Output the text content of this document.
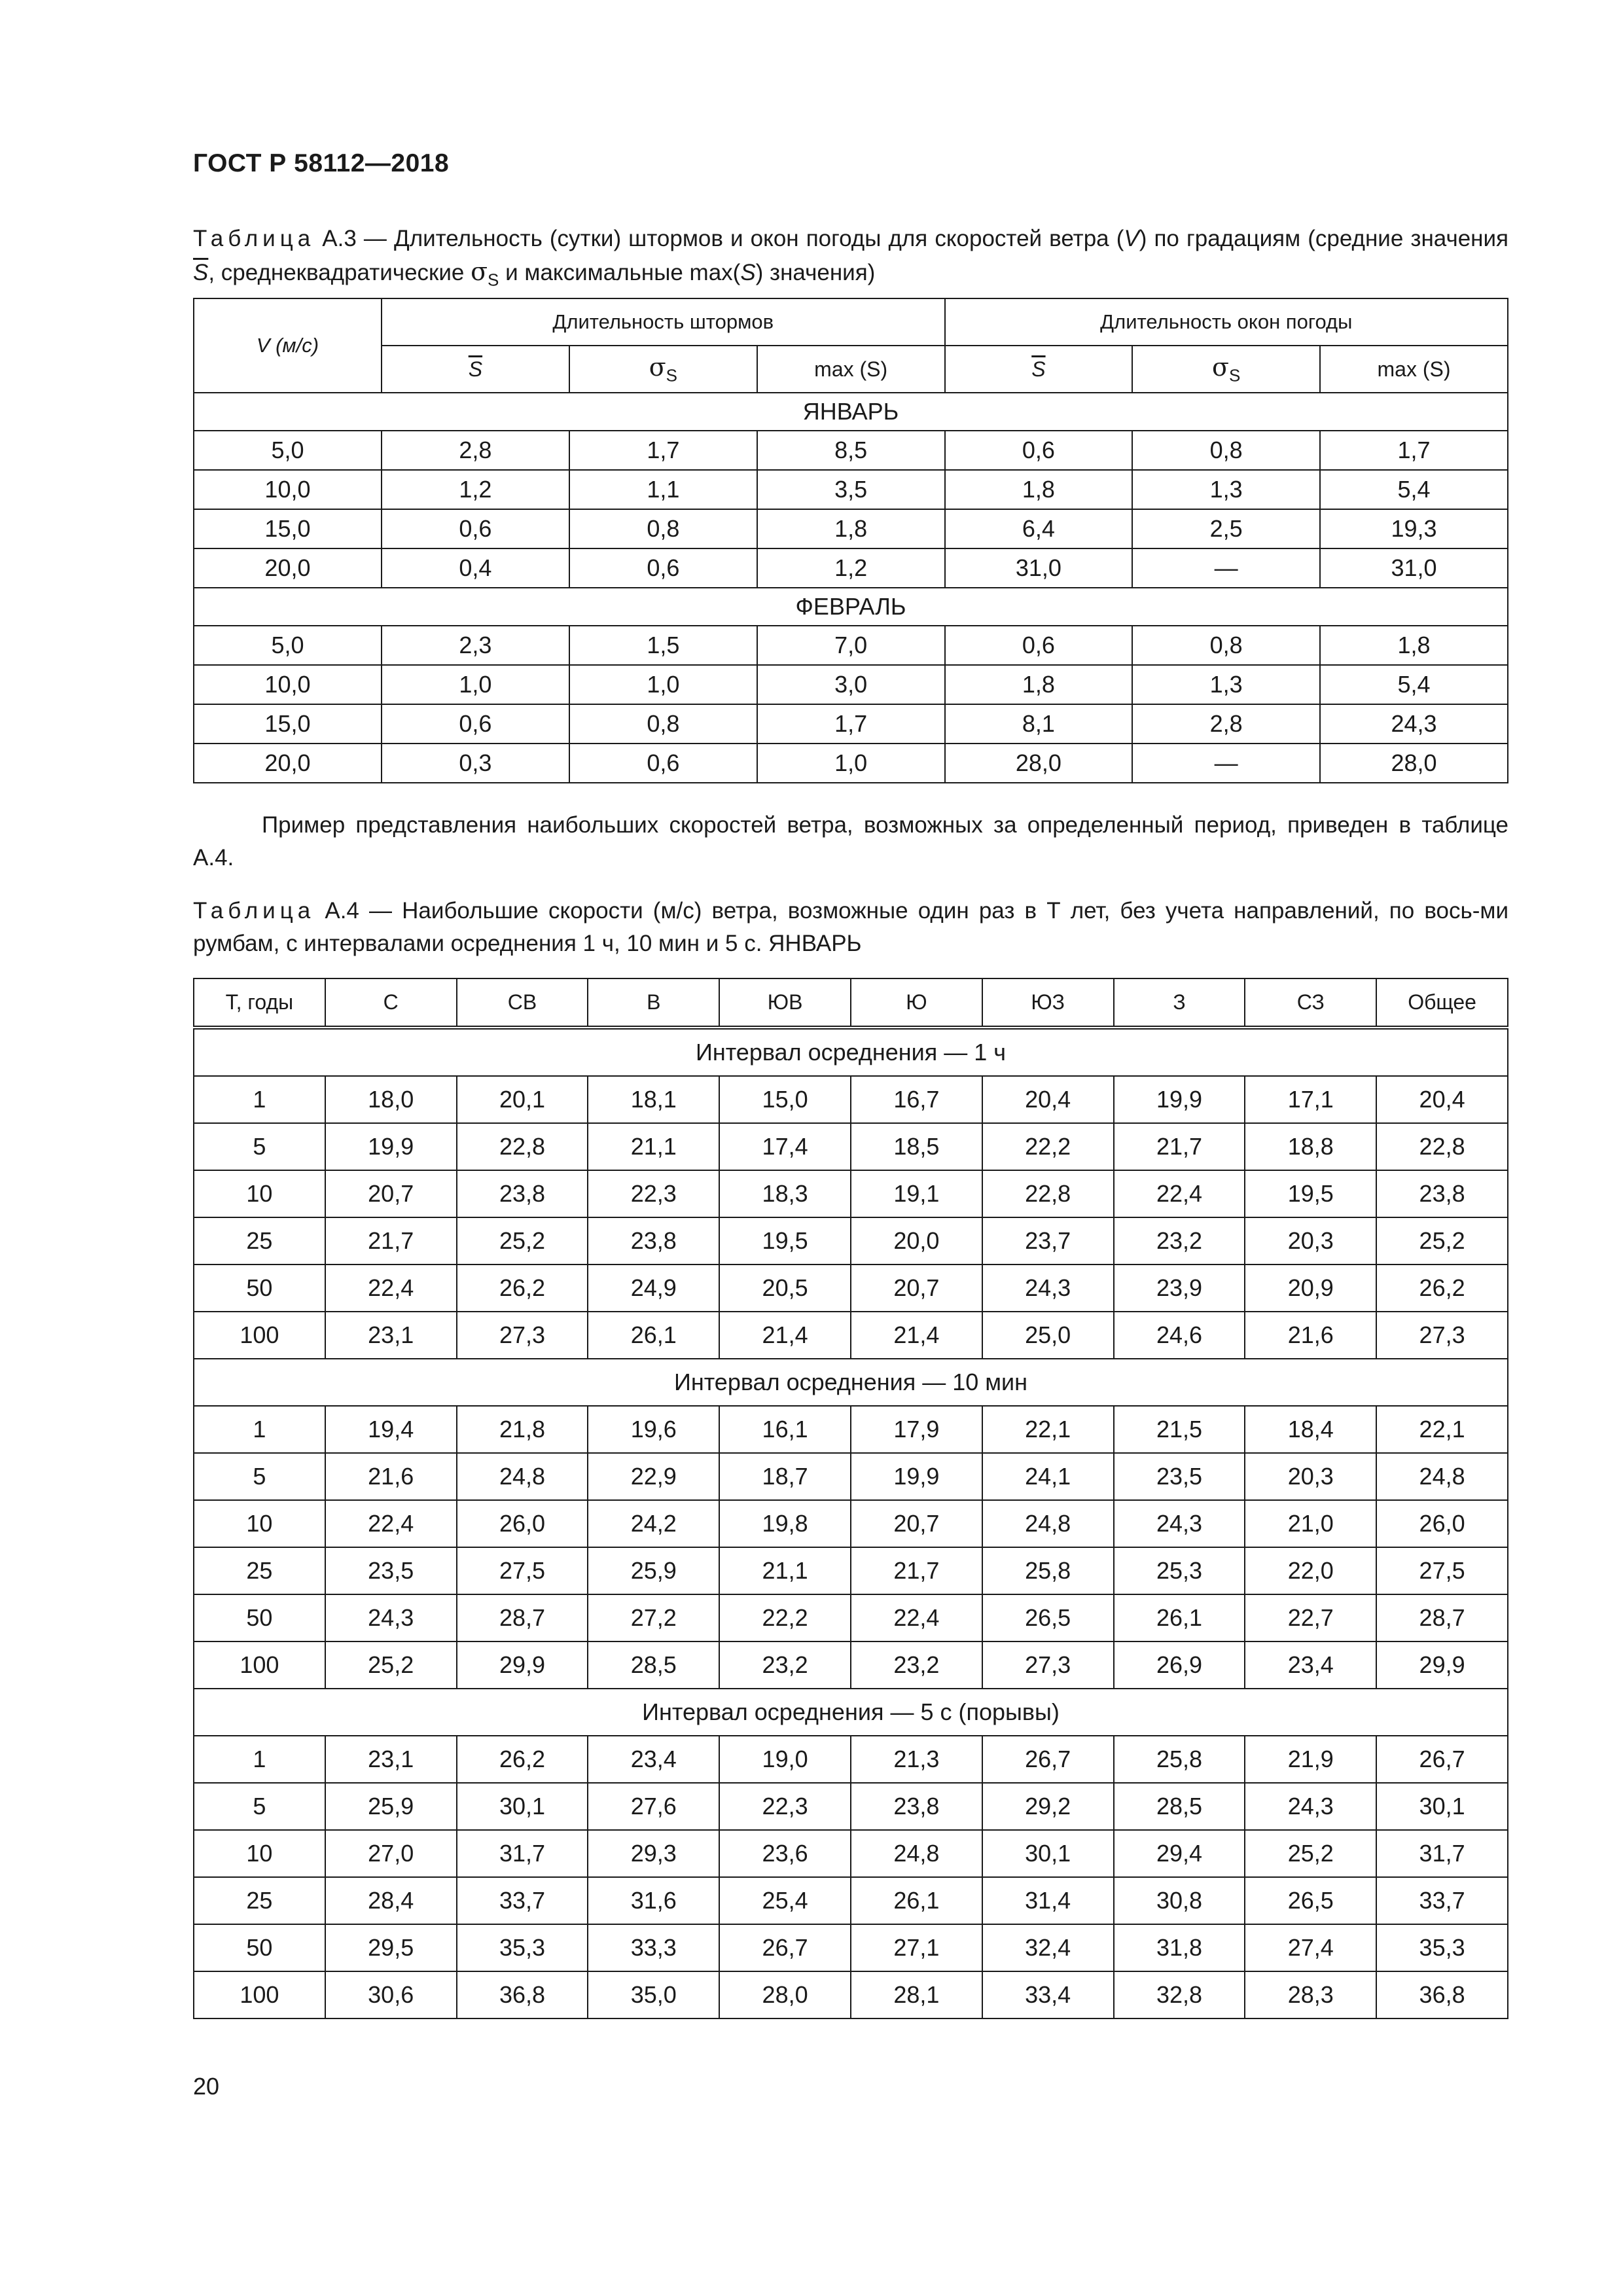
ГОСТ Р 58112—2018
Таблица А.3 — Длительность (сутки) штормов и окон погоды для скоростей ветра (V) по градациям (средние значения $\overline{S}$, среднеквадратические $\sigma_S$ и максимальные max(S) значения)
V (м/с)	Длительность штормов			Длительность окон погоды		
	$\overline{S}$	$\sigma_S$	max (S)	$\overline{S}$	$\sigma_S$	max (S)
ЯНВАРЬ						
5,0	2,8	1,7	8,5	0,6	0,8	1,7
10,0	1,2	1,1	3,5	1,8	1,3	5,4
15,0	0,6	0,8	1,8	6,4	2,5	19,3
20,0	0,4	0,6	1,2	31,0	—	31,0
ФЕВРАЛЬ						
5,0	2,3	1,5	7,0	0,6	0,8	1,8
10,0	1,0	1,0	3,0	1,8	1,3	5,4
15,0	0,6	0,8	1,7	8,1	2,8	24,3
20,0	0,3	0,6	1,0	28,0	—	28,0
Пример представления наибольших скоростей ветра, возможных за определенный период, приведен в таблице А.4.
Таблица А.4 — Наибольшие скорости (м/с) ветра, возможные один раз в Т лет, без учета направлений, по вось-ми румбам, с интервалами осреднения 1 ч, 10 мин и 5 с. ЯНВАРЬ
Т, годы	С	СВ	В	ЮВ	Ю	ЮЗ	З	СЗ	Общее
Интервал осреднения — 1 ч									
1	18,0	20,1	18,1	15,0	16,7	20,4	19,9	17,1	20,4
5	19,9	22,8	21,1	17,4	18,5	22,2	21,7	18,8	22,8
10	20,7	23,8	22,3	18,3	19,1	22,8	22,4	19,5	23,8
25	21,7	25,2	23,8	19,5	20,0	23,7	23,2	20,3	25,2
50	22,4	26,2	24,9	20,5	20,7	24,3	23,9	20,9	26,2
100	23,1	27,3	26,1	21,4	21,4	25,0	24,6	21,6	27,3
Интервал осреднения — 10 мин									
1	19,4	21,8	19,6	16,1	17,9	22,1	21,5	18,4	22,1
5	21,6	24,8	22,9	18,7	19,9	24,1	23,5	20,3	24,8
10	22,4	26,0	24,2	19,8	20,7	24,8	24,3	21,0	26,0
25	23,5	27,5	25,9	21,1	21,7	25,8	25,3	22,0	27,5
50	24,3	28,7	27,2	22,2	22,4	26,5	26,1	22,7	28,7
100	25,2	29,9	28,5	23,2	23,2	27,3	26,9	23,4	29,9
Интервал осреднения — 5 с (порывы)									
1	23,1	26,2	23,4	19,0	21,3	26,7	25,8	21,9	26,7
5	25,9	30,1	27,6	22,3	23,8	29,2	28,5	24,3	30,1
10	27,0	31,7	29,3	23,6	24,8	30,1	29,4	25,2	31,7
25	28,4	33,7	31,6	25,4	26,1	31,4	30,8	26,5	33,7
50	29,5	35,3	33,3	26,7	27,1	32,4	31,8	27,4	35,3
100	30,6	36,8	35,0	28,0	28,1	33,4	32,8	28,3	36,8
20
